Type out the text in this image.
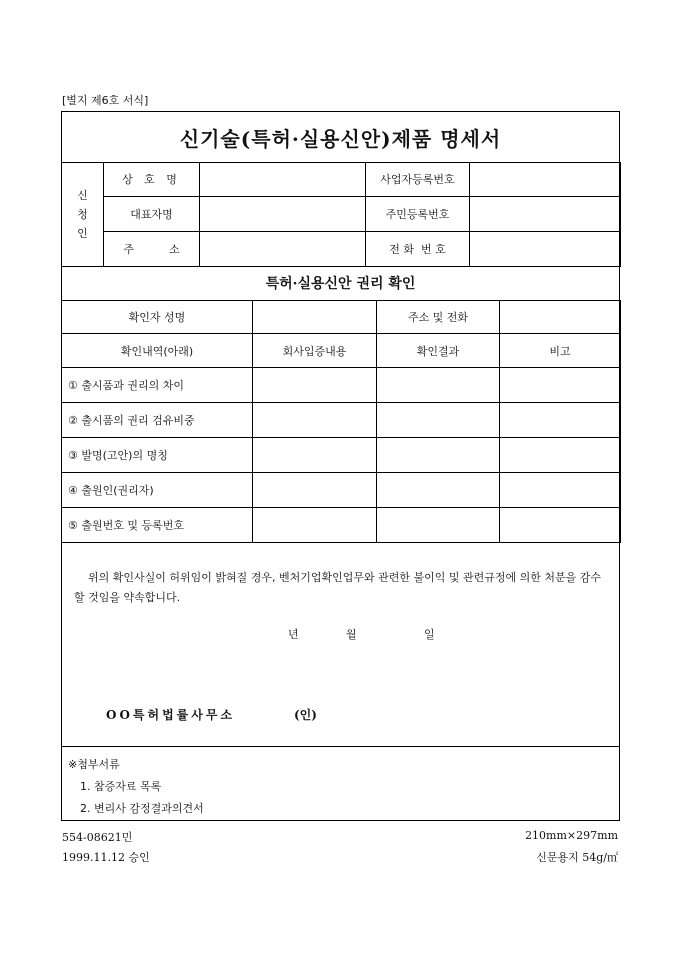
[별지 제6호 서식]
신기술(특허·실용신안)제품 명세서
신
청
인	상 호 명		사업자등록번호	
	대표자명		주민등록번호	
	주          소		전 화  번 호	
특허·실용신안 권리 확인
확인자 성명		주소 및 전화	
확인내역(아래)	회사입증내용	확인결과	비고
① 출시품과 권리의 차이			
② 출시품의 권리 검유비중			
③ 발명(고안)의 명칭			
④ 출원인(권리자)			
⑤ 출원번호 및 등록번호			
위의 확인사실이 허위임이 밝혀질 경우, 벤처기업확인업무와 관련한 불이익 및 관련규정에 의한 처분을 감수할 것임을 약속합니다.
년	월	일
OO특허법률사무소	(인)
※첨부서류
1. 참증자료 목록
2. 변리사 감정결과의견서
554-08621민
1999.11.12 승인
210mm×297mm
신문용지 54g/㎡
